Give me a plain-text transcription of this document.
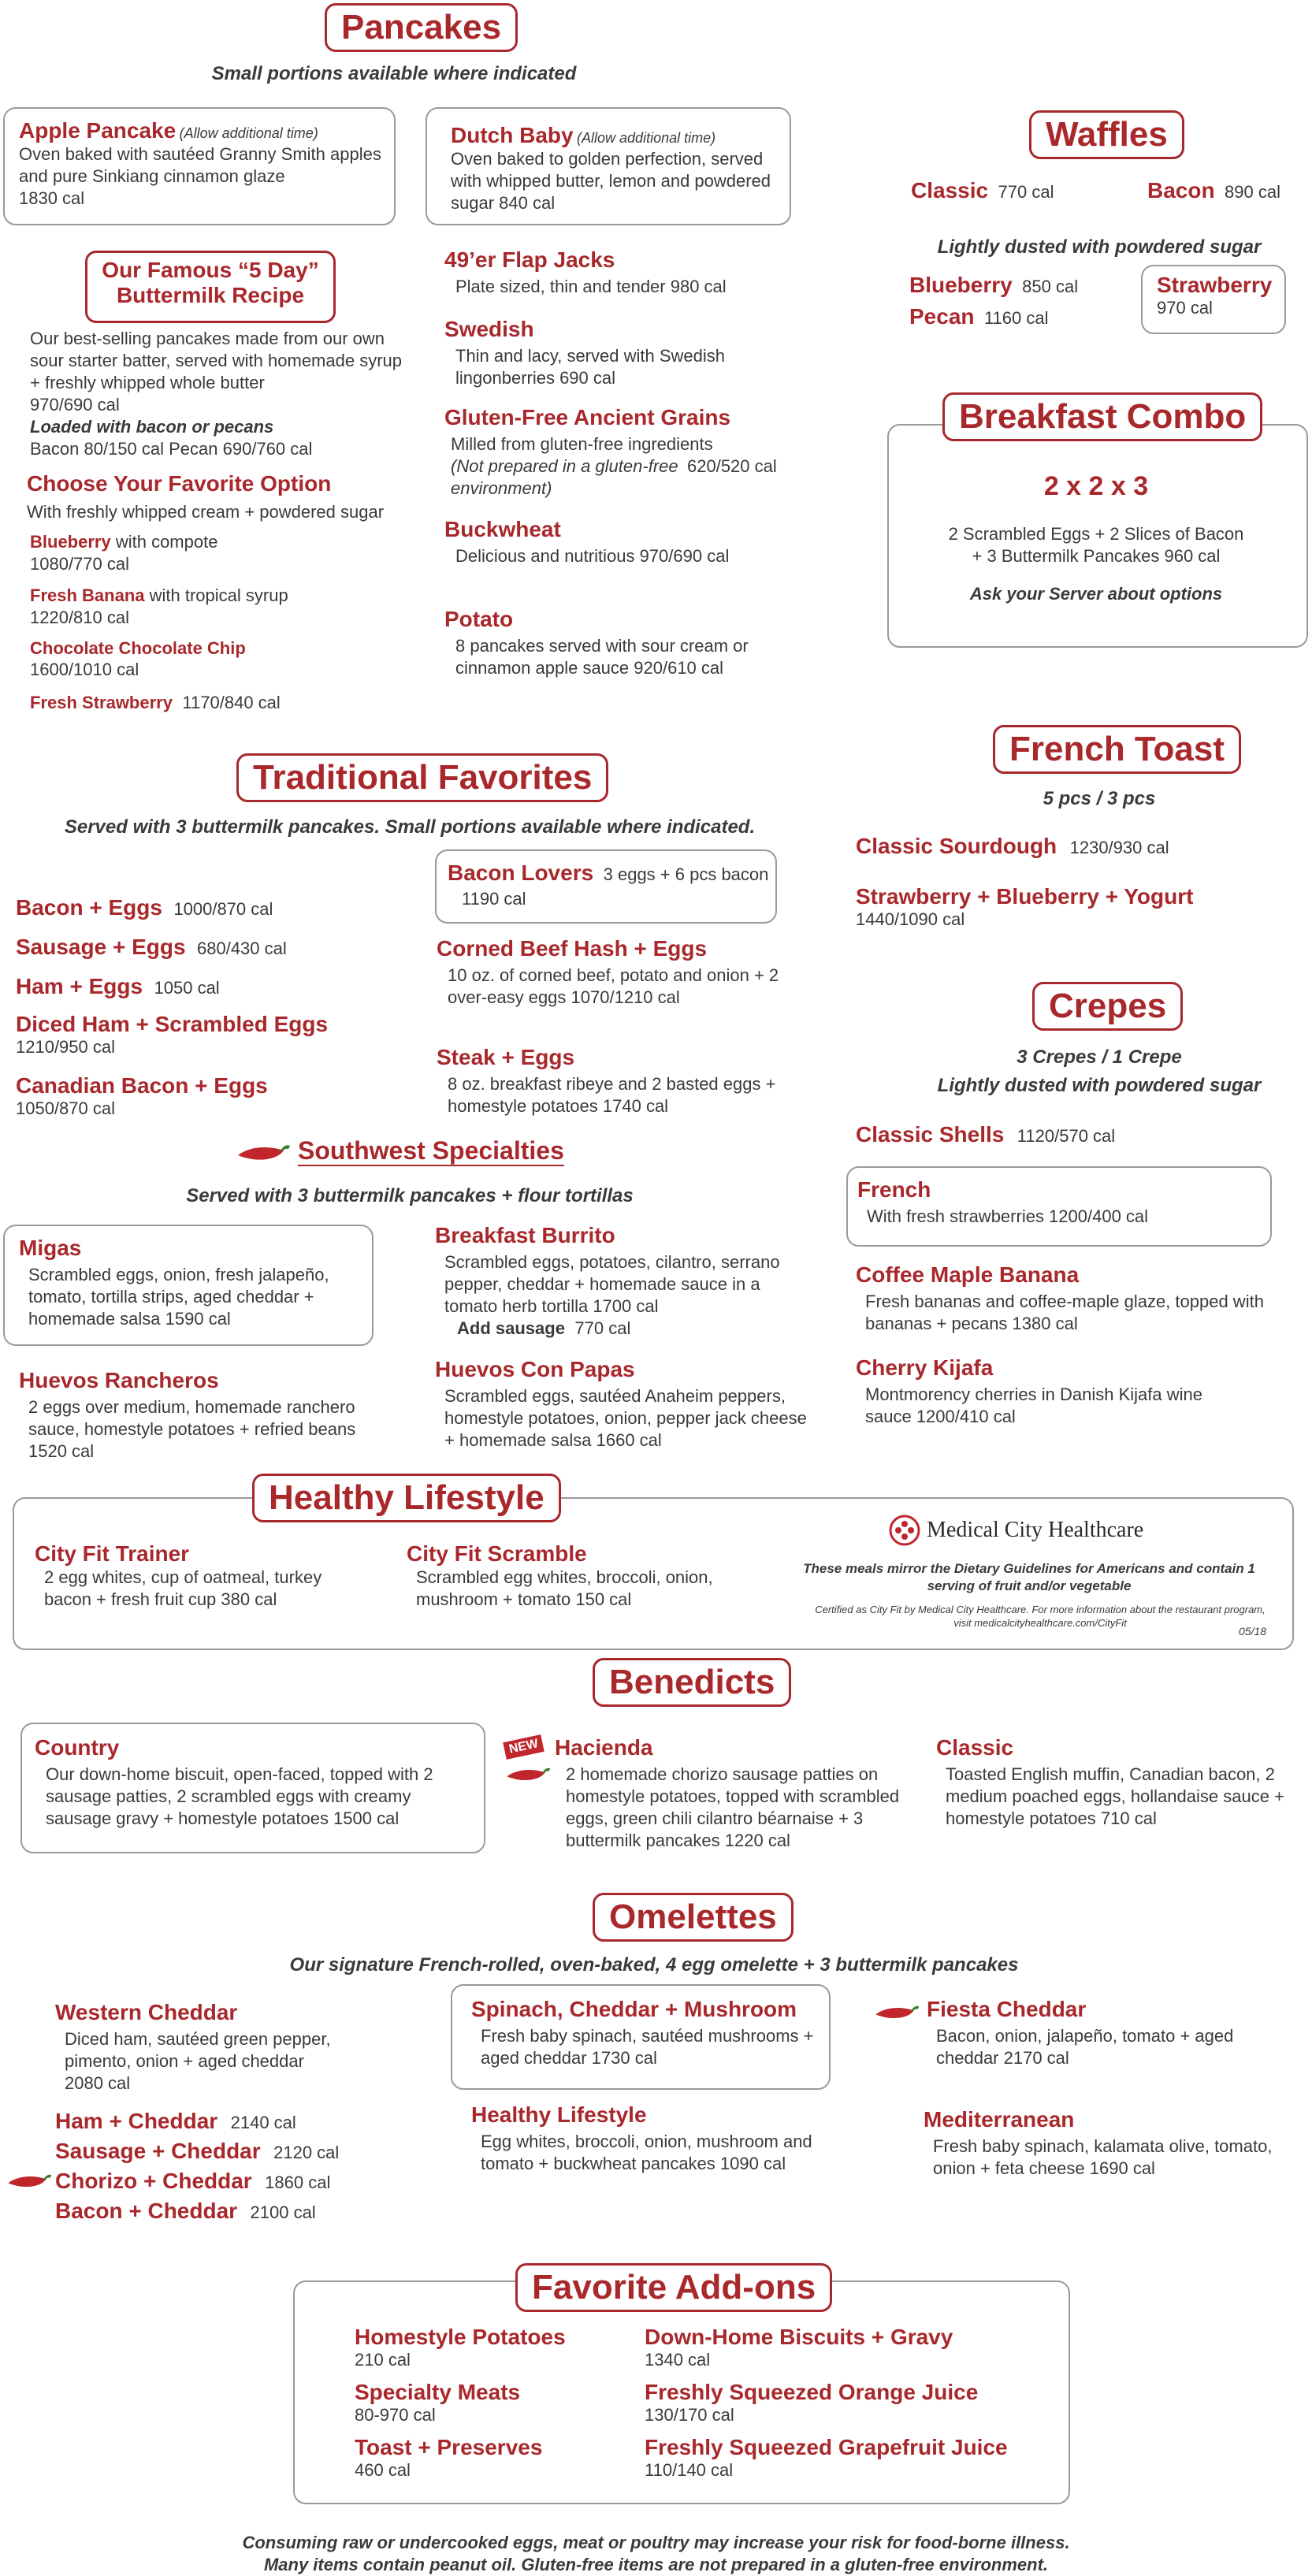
Pancakes
Small portions available where indicated
Apple Pancake (Allow additional time)
Oven baked with sautéed Granny Smith apples and pure Sinkiang cinnamon glaze
1830 cal
Dutch Baby (Allow additional time)
Oven baked to golden perfection, served with whipped butter, lemon and powdered sugar 840 cal
Our Famous “5 Day”
Buttermilk Recipe
Our best-selling pancakes made from our own sour starter batter, served with homemade syrup + freshly whipped whole butter
970/690 cal
Loaded with bacon or pecans
Bacon 80/150 cal Pecan 690/760 cal
Choose Your Favorite Option
With freshly whipped cream + powdered sugar
Blueberry with compote
1080/770 cal
Fresh Banana with tropical syrup
1220/810 cal
Chocolate Chocolate Chip
1600/1010 cal
Fresh Strawberry 1170/840 cal
49’er Flap Jacks
Plate sized, thin and tender 980 cal
Swedish
Thin and lacy, served with Swedish lingonberries 690 cal
Gluten-Free Ancient Grains
Milled from gluten-free ingredients
(Not prepared in a gluten-free environment)620/520 cal
Buckwheat
Delicious and nutritious 970/690 cal
Potato
8 pancakes served with sour cream or cinnamon apple sauce 920/610 cal
Waffles
Classic 770 cal	Bacon 890 cal
Lightly dusted with powdered sugar
Blueberry 850 cal
Pecan 1160 cal
Strawberry
970 cal
Breakfast Combo
2 x 2 x 3
2 Scrambled Eggs + 2 Slices of Bacon
+ 3 Buttermilk Pancakes 960 cal
Ask your Server about options
French Toast
5 pcs / 3 pcs
Classic Sourdough 1230/930 cal
Strawberry + Blueberry + Yogurt
1440/1090 cal
Traditional Favorites
Served with 3 buttermilk pancakes. Small portions available where indicated.
Bacon + Eggs 1000/870 cal
Sausage + Eggs 680/430 cal
Ham + Eggs 1050 cal
Diced Ham + Scrambled Eggs
1210/950 cal
Canadian Bacon + Eggs
1050/870 cal
Bacon Lovers 3 eggs + 6 pcs bacon
1190 cal
Corned Beef Hash + Eggs
10 oz. of corned beef, potato and onion + 2 over-easy eggs 1070/1210 cal
Steak + Eggs
8 oz. breakfast ribeye and 2 basted eggs + homestyle potatoes 1740 cal
Crepes
3 Crepes / 1 Crepe
Lightly dusted with powdered sugar
Classic Shells 1120/570 cal
French
With fresh strawberries 1200/400 cal
Coffee Maple Banana
Fresh bananas and coffee-maple glaze, topped with bananas + pecans 1380 cal
Cherry Kijafa
Montmorency cherries in Danish Kijafa wine sauce 1200/410 cal
Southwest Specialties
Served with 3 buttermilk pancakes + flour tortillas
Migas
Scrambled eggs, onion, fresh jalapeño, tomato, tortilla strips, aged cheddar + homemade salsa 1590 cal
Huevos Rancheros
2 eggs over medium, homemade ranchero sauce, homestyle potatoes + refried beans 1520 cal
Breakfast Burrito
Scrambled eggs, potatoes, cilantro, serrano pepper, cheddar + homemade sauce in a tomato herb tortilla 1700 cal
Add sausage 770 cal
Huevos Con Papas
Scrambled eggs, sautéed Anaheim peppers, homestyle potatoes, onion, pepper jack cheese + homemade salsa 1660 cal
Healthy Lifestyle
City Fit Trainer
2 egg whites, cup of oatmeal, turkey bacon + fresh fruit cup 380 cal
City Fit Scramble
Scrambled egg whites, broccoli, onion, mushroom + tomato 150 cal
Medical City Healthcare
These meals mirror the Dietary Guidelines for Americans and contain 1 serving of fruit and/or vegetable
Certified as City Fit by Medical City Healthcare. For more information about the restaurant program, visit medicalcityhealthcare.com/CityFit
05/18
Benedicts
Country
Our down-home biscuit, open-faced, topped with 2 sausage patties, 2 scrambled eggs with creamy sausage gravy + homestyle potatoes 1500 cal
NEW Hacienda
2 homemade chorizo sausage patties on homestyle potatoes, topped with scrambled eggs, green chili cilantro béarnaise + 3 buttermilk pancakes 1220 cal
Classic
Toasted English muffin, Canadian bacon, 2 medium poached eggs, hollandaise sauce + homestyle potatoes 710 cal
Omelettes
Our signature French-rolled, oven-baked, 4 egg omelette + 3 buttermilk pancakes
Western Cheddar
Diced ham, sautéed green pepper, pimento, onion + aged cheddar
2080 cal
Ham + Cheddar 2140 cal
Sausage + Cheddar 2120 cal
Chorizo + Cheddar 1860 cal
Bacon + Cheddar 2100 cal
Spinach, Cheddar + Mushroom
Fresh baby spinach, sautéed mushrooms + aged cheddar 1730 cal
Healthy Lifestyle
Egg whites, broccoli, onion, mushroom and tomato + buckwheat pancakes 1090 cal
Fiesta Cheddar
Bacon, onion, jalapeño, tomato + aged cheddar 2170 cal
Mediterranean
Fresh baby spinach, kalamata olive, tomato, onion + feta cheese 1690 cal
Favorite Add-ons
Homestyle Potatoes
210 cal
Specialty Meats
80-970 cal
Toast + Preserves
460 cal
Down-Home Biscuits + Gravy
1340 cal
Freshly Squeezed Orange Juice
130/170 cal
Freshly Squeezed Grapefruit Juice
110/140 cal
Consuming raw or undercooked eggs, meat or poultry may increase your risk for food-borne illness.
Many items contain peanut oil. Gluten-free items are not prepared in a gluten-free environment.
